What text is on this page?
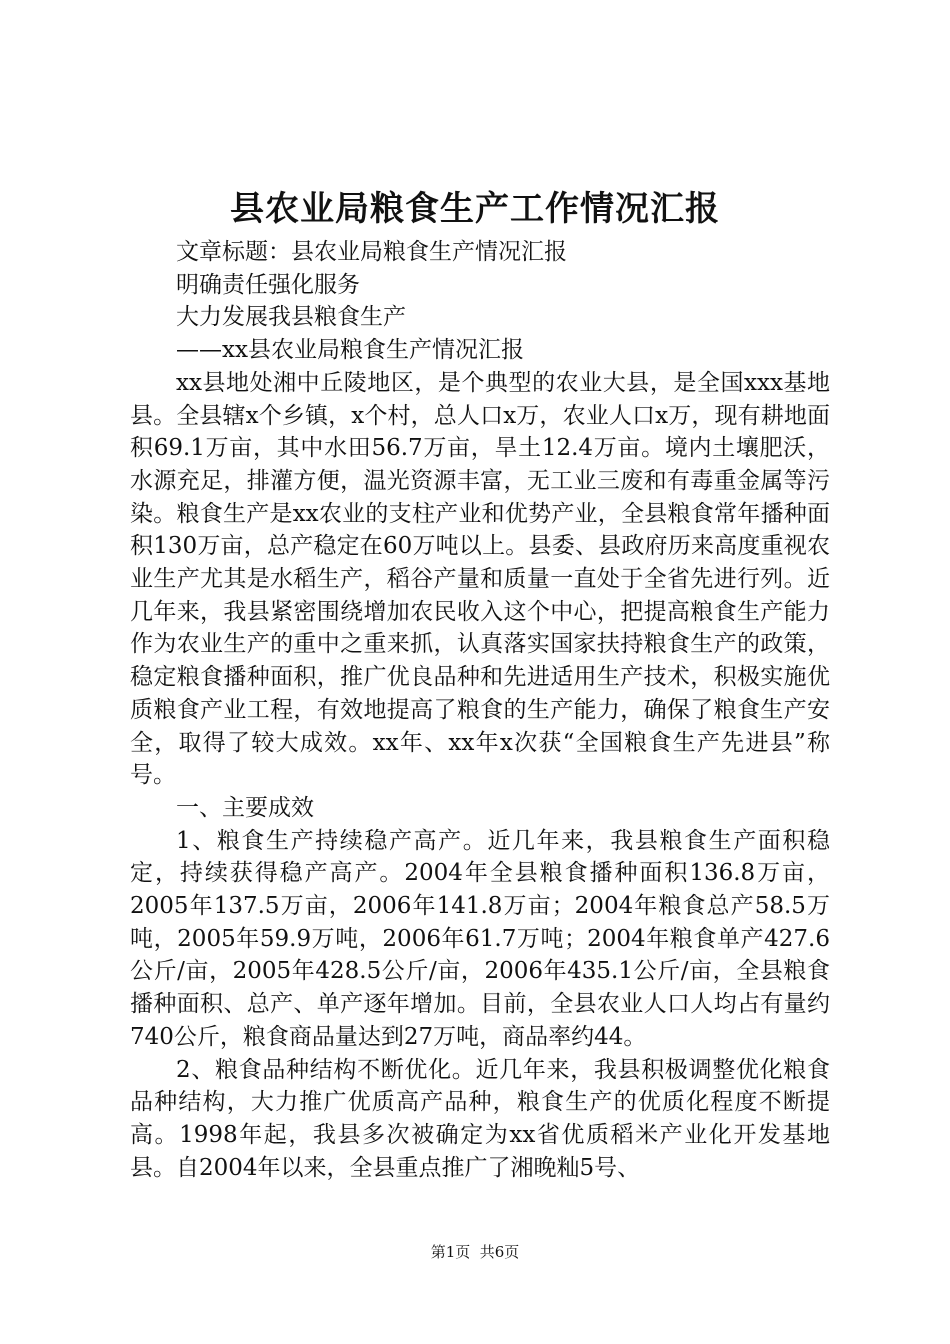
县农业局粮食生产工作情况汇报

文章标题：县农业局粮食生产情况汇报

明确责任强化服务

大力发展我县粮食生产

——xx县农业局粮食生产情况汇报

xx县地处湘中丘陵地区，是个典型的农业大县，是全国xxx基地县。全县辖x个乡镇，x个村，总人口x万，农业人口x万，现有耕地面积69.1万亩，其中水田56.7万亩，旱土12.4万亩。境内土壤肥沃，水源充足，排灌方便，温光资源丰富，无工业三废和有毒重金属等污染。粮食生产是xx农业的支柱产业和优势产业，全县粮食常年播种面积130万亩，总产稳定在60万吨以上。县委、县政府历来高度重视农业生产尤其是水稻生产，稻谷产量和质量一直处于全省先进行列。近几年来，我县紧密围绕增加农民收入这个中心，把提高粮食生产能力作为农业生产的重中之重来抓，认真落实国家扶持粮食生产的政策，稳定粮食播种面积，推广优良品种和先进适用生产技术，积极实施优质粮食产业工程，有效地提高了粮食的生产能力，确保了粮食生产安全，取得了较大成效。xx年、xx年x次获“全国粮食生产先进县”称号。

一、主要成效

1、粮食生产持续稳产高产。近几年来，我县粮食生产面积稳定，持续获得稳产高产。2004年全县粮食播种面积136.8万亩，2005年137.5万亩，2006年141.8万亩；2004年粮食总产58.5万吨，2005年59.9万吨，2006年61.7万吨；2004年粮食单产427.6公斤/亩，2005年428.5公斤/亩，2006年435.1公斤/亩，全县粮食播种面积、总产、单产逐年增加。目前，全县农业人口人均占有量约740公斤，粮食商品量达到27万吨，商品率约44。

2、粮食品种结构不断优化。近几年来，我县积极调整优化粮食品种结构，大力推广优质高产品种，粮食生产的优质化程度不断提高。1998年起，我县多次被确定为xx省优质稻米产业化开发基地县。自2004年以来，全县重点推广了湘晚籼5号、

第1页  共6页
